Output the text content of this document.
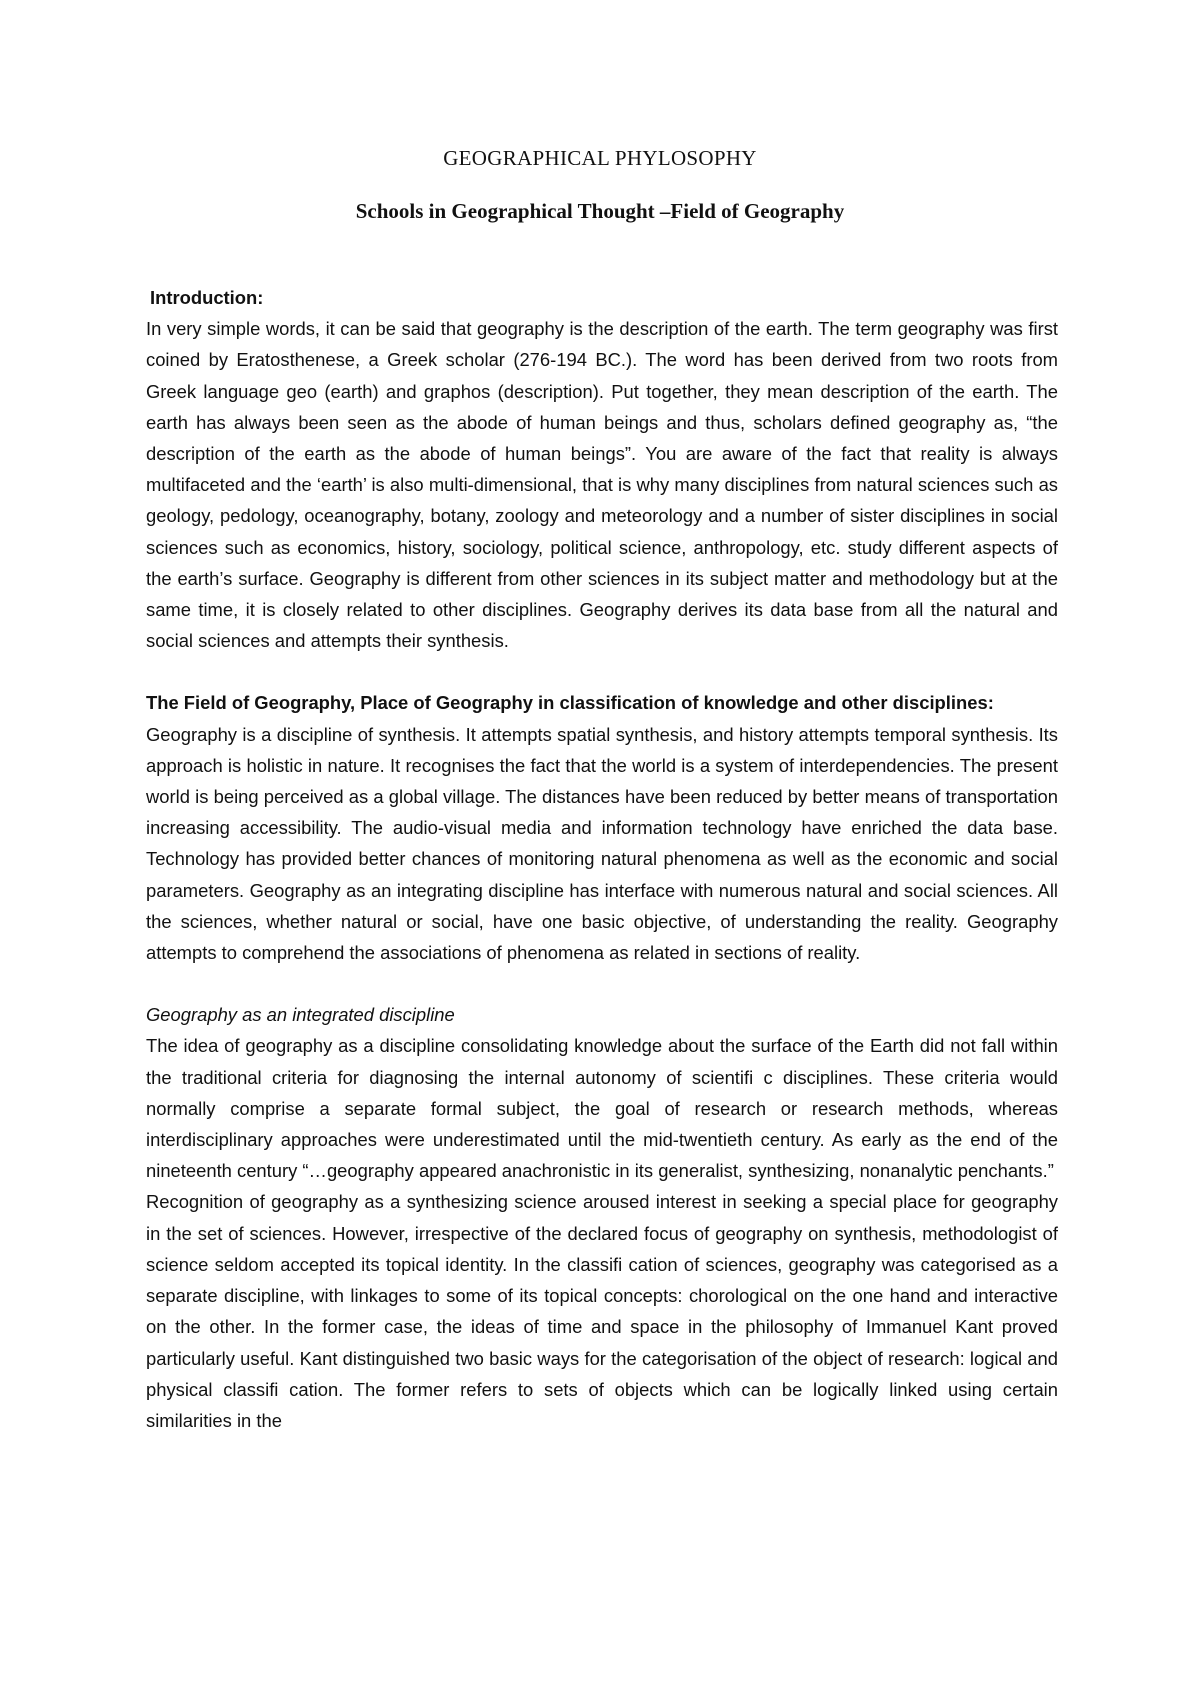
GEOGRAPHICAL PHYLOSOPHY
Schools in Geographical Thought –Field of Geography

Introduction:

In very simple words, it can be said that geography is the description of the earth. The term geography was first coined by Eratosthenese, a Greek scholar (276-194 BC.). The word has been derived from two roots from Greek language geo (earth) and graphos (description). Put together, they mean description of the earth. The earth has always been seen as the abode of human beings and thus, scholars defined geography as, “the description of the earth as the abode of human beings”. You are aware of the fact that reality is always multifaceted and the ‘earth’ is also multi-dimensional, that is why many disciplines from natural sciences such as geology, pedology, oceanography, botany, zoology and meteorology and a number of sister disciplines in social sciences such as economics, history, sociology, political science, anthropology, etc. study different aspects of the earth’s surface. Geography is different from other sciences in its subject matter and methodology but at the same time, it is closely related to other disciplines. Geography derives its data base from all the natural and social sciences and attempts their synthesis.

The Field of Geography, Place of Geography in classification of knowledge and other disciplines:

Geography is a discipline of synthesis. It attempts spatial synthesis, and history attempts temporal synthesis. Its approach is holistic in nature. It recognises the fact that the world is a system of interdependencies. The present world is being perceived as a global village. The distances have been reduced by better means of transportation increasing accessibility. The audio-visual media and information technology have enriched the data base. Technology has provided better chances of monitoring natural phenomena as well as the economic and social parameters. Geography as an integrating discipline has interface with numerous natural and social sciences. All the sciences, whether natural or social, have one basic objective, of understanding the reality. Geography attempts to comprehend the associations of phenomena as related in sections of reality.

Geography as an integrated discipline

The idea of geography as a discipline consolidating knowledge about the surface of the Earth did not fall within the traditional criteria for diagnosing the internal autonomy of scientifi c disciplines. These criteria would normally comprise a separate formal subject, the goal of research or research methods, whereas interdisciplinary approaches were underestimated until the mid-twentieth century. As early as the end of the nineteenth century “…geography appeared anachronistic in its generalist, synthesizing, nonanalytic penchants.”

Recognition of geography as a synthesizing science aroused interest in seeking a special place for geography in the set of sciences. However, irrespective of the declared focus of geography on synthesis, methodologist of science seldom accepted its topical identity. In the classifi cation of sciences, geography was categorised as a separate discipline, with linkages to some of its topical concepts: chorological on the one hand and interactive on the other. In the former case, the ideas of time and space in the philosophy of Immanuel Kant proved particularly useful. Kant distinguished two basic ways for the categorisation of the object of research: logical and physical classifi cation. The former refers to sets of objects which can be logically linked using certain similarities in the
